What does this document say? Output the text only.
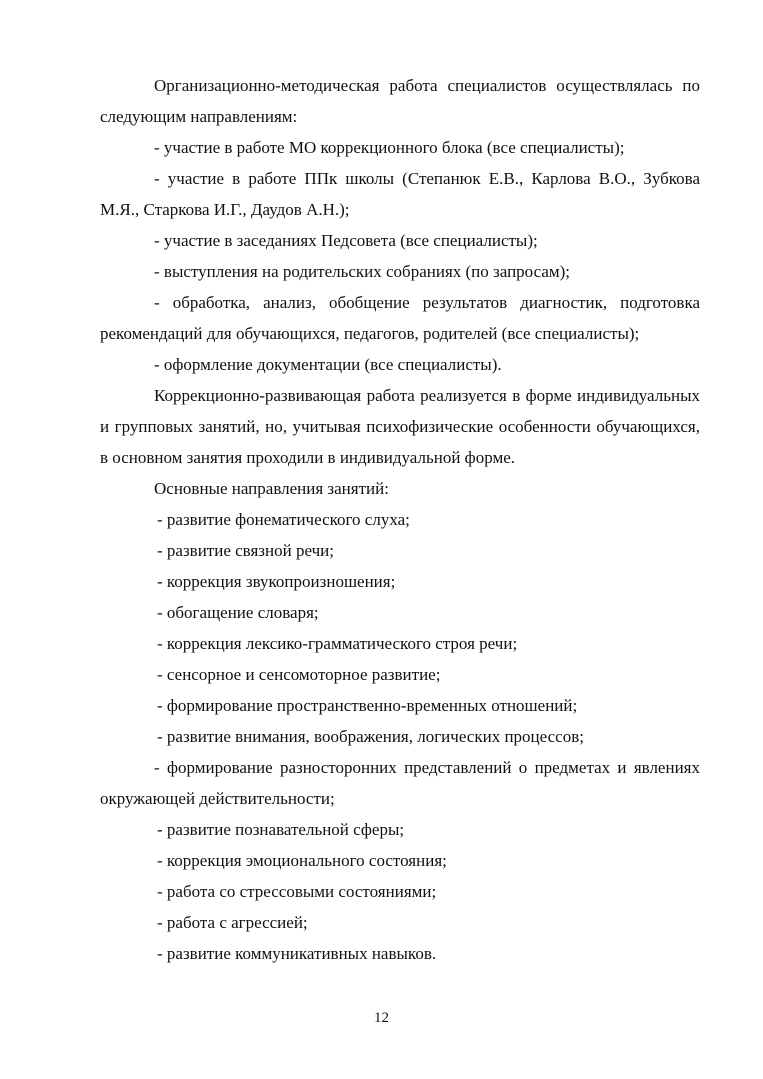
Организационно-методическая работа специалистов осуществлялась по следующим направлениям:

- участие в работе МО коррекционного блока (все специалисты);

- участие в работе ППк школы (Степанюк Е.В., Карлова В.О., Зубкова М.Я., Старкова И.Г., Даудов А.Н.);

- участие в заседаниях Педсовета (все специалисты);

- выступления на родительских собраниях (по запросам);

- обработка, анализ, обобщение результатов диагностик, подготовка рекомендаций для обучающихся, педагогов, родителей (все специалисты);

- оформление документации (все специалисты).

Коррекционно-развивающая работа реализуется в форме индивидуальных и групповых занятий, но, учитывая психофизические особенности обучающихся, в основном занятия проходили в индивидуальной форме.

Основные направления занятий:

- развитие фонематического слуха;

- развитие связной речи;

- коррекция звукопроизношения;

- обогащение словаря;

- коррекция лексико-грамматического строя речи;

- сенсорное и сенсомоторное развитие;

- формирование пространственно-временных отношений;

- развитие внимания, воображения, логических процессов;

- формирование разносторонних представлений о предметах и явлениях окружающей действительности;

- развитие познавательной сферы;

- коррекция эмоционального состояния;

- работа со стрессовыми состояниями;

- работа с агрессией;

- развитие коммуникативных навыков.

12
